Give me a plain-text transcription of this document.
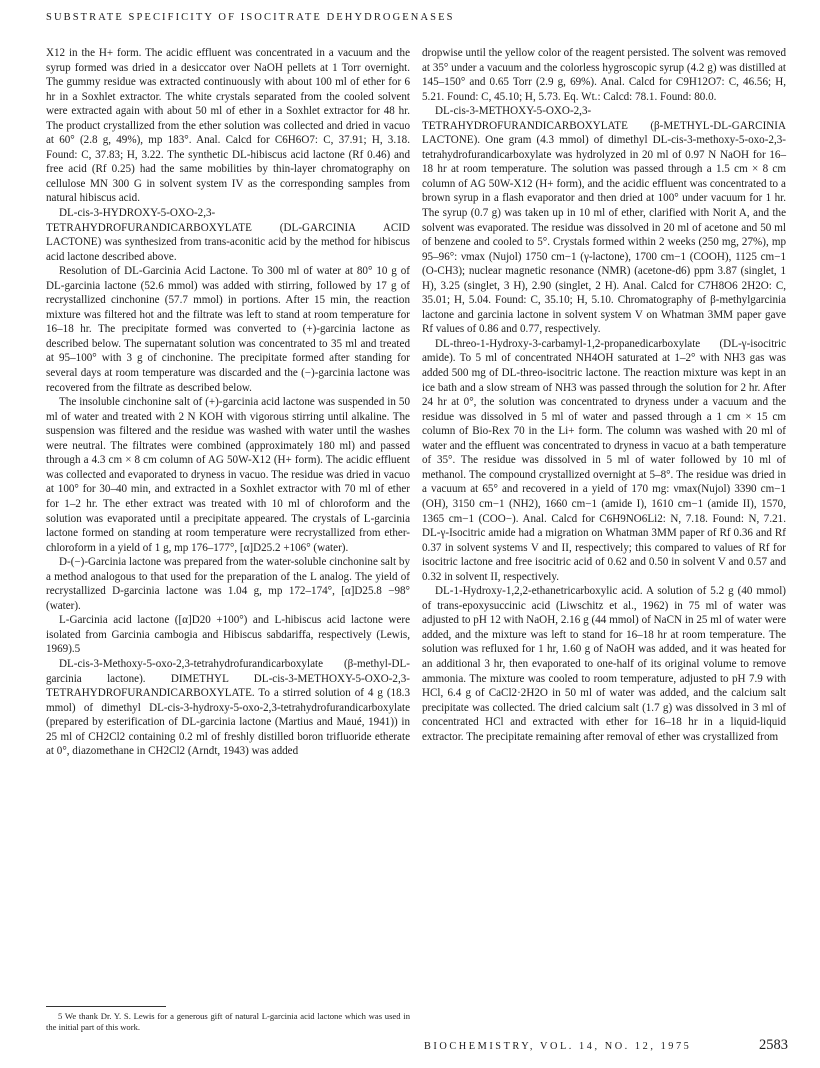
SUBSTRATE SPECIFICITY OF ISOCITRATE DEHYDROGENASES

X12 in the H+ form. The acidic effluent was concentrated in a vacuum and the syrup formed was dried in a desiccator over NaOH pellets at 1 Torr overnight. The gummy residue was extracted continuously with about 100 ml of ether for 6 hr in a Soxhlet extractor. The white crystals separated from the cooled solvent were extracted again with about 50 ml of ether in a Soxhlet extractor for 48 hr. The product crystallized from the ether solution was collected and dried in vacuo at 60° (2.8 g, 49%), mp 183°. Anal. Calcd for C6H6O7: C, 37.91; H, 3.18. Found: C, 37.83; H, 3.22. The synthetic DL-hibiscus acid lactone (Rf 0.46) and free acid (Rf 0.25) had the same mobilities by thin-layer chromatography on cellulose MN 300 G in solvent system IV as the corresponding samples from natural hibiscus acid.

DL-cis-3-HYDROXY-5-OXO-2,3-TETRAHYDROFURANDICARBOXYLATE (DL-GARCINIA ACID LACTONE) was synthesized from trans-aconitic acid by the method for hibiscus acid lactone described above.

Resolution of DL-Garcinia Acid Lactone. To 300 ml of water at 80° 10 g of DL-garcinia lactone (52.6 mmol) was added with stirring, followed by 17 g of recrystallized cinchonine (57.7 mmol) in portions. After 15 min, the reaction mixture was filtered hot and the filtrate was left to stand at room temperature for 16–18 hr. The precipitate formed was converted to (+)-garcinia lactone as described below. The supernatant solution was concentrated to 35 ml and treated at 95–100° with 3 g of cinchonine. The precipitate formed after standing for several days at room temperature was discarded and the (−)-garcinia lactone was recovered from the filtrate as described below.

The insoluble cinchonine salt of (+)-garcinia acid lactone was suspended in 50 ml of water and treated with 2 N KOH with vigorous stirring until alkaline. The suspension was filtered and the residue was washed with water until the washes were neutral. The filtrates were combined (approximately 180 ml) and passed through a 4.3 cm × 8 cm column of AG 50W-X12 (H+ form). The acidic effluent was collected and evaporated to dryness in vacuo. The residue was dried in vacuo at 100° for 30–40 min, and extracted in a Soxhlet extractor with 70 ml of ether for 1–2 hr. The ether extract was treated with 10 ml of chloroform and the solution was evaporated until a precipitate appeared. The crystals of L-garcinia lactone formed on standing at room temperature were recrystallized from ether-chloroform in a yield of 1 g, mp 176–177°, [α]D25.2 +106° (water).

D-(−)-Garcinia lactone was prepared from the water-soluble cinchonine salt by a method analogous to that used for the preparation of the L analog. The yield of recrystallized D-garcinia lactone was 1.04 g, mp 172–174°, [α]D25.8 −98° (water).

L-Garcinia acid lactone ([α]D20 +100°) and L-hibiscus acid lactone were isolated from Garcinia cambogia and Hibiscus sabdariffa, respectively (Lewis, 1969).5

DL-cis-3-Methoxy-5-oxo-2,3-tetrahydrofurandicarboxylate (β-methyl-DL-garcinia lactone). DIMETHYL DL-cis-3-METHOXY-5-OXO-2,3-TETRAHYDROFURANDICARBOXYLATE. To a stirred solution of 4 g (18.3 mmol) of dimethyl DL-cis-3-hydroxy-5-oxo-2,3-tetrahydrofurandicarboxylate (prepared by esterification of DL-garcinia lactone (Martius and Maué, 1941)) in 25 ml of CH2Cl2 containing 0.2 ml of freshly distilled boron trifluoride etherate at 0°, diazomethane in CH2Cl2 (Arndt, 1943) was added

dropwise until the yellow color of the reagent persisted. The solvent was removed at 35° under a vacuum and the colorless hygroscopic syrup (4.2 g) was distilled at 145–150° and 0.65 Torr (2.9 g, 69%). Anal. Calcd for C9H12O7: C, 46.56; H, 5.21. Found: C, 45.10; H, 5.73. Eq. Wt.: Calcd: 78.1. Found: 80.0.

DL-cis-3-METHOXY-5-OXO-2,3-TETRAHYDROFURANDICARBOXYLATE (β-METHYL-DL-GARCINIA LACTONE). One gram (4.3 mmol) of dimethyl DL-cis-3-methoxy-5-oxo-2,3-tetrahydrofurandicarboxylate was hydrolyzed in 20 ml of 0.97 N NaOH for 16–18 hr at room temperature. The solution was passed through a 1.5 cm × 8 cm column of AG 50W-X12 (H+ form), and the acidic effluent was concentrated to a brown syrup in a flash evaporator and then dried at 100° under vacuum for 1 hr. The syrup (0.7 g) was taken up in 10 ml of ether, clarified with Norit A, and the solvent was evaporated. The residue was dissolved in 20 ml of acetone and 50 ml of benzene and cooled to 5°. Crystals formed within 2 weeks (250 mg, 27%), mp 95–96°: νmax (Nujol) 1750 cm−1 (γ-lactone), 1700 cm−1 (COOH), 1125 cm−1 (O-CH3); nuclear magnetic resonance (NMR) (acetone-d6) ppm 3.87 (singlet, 1 H), 3.25 (singlet, 3 H), 2.90 (singlet, 2 H). Anal. Calcd for C7H8O6 2H2O: C, 35.01; H, 5.04. Found: C, 35.10; H, 5.10. Chromatography of β-methylgarcinia lactone and garcinia lactone in solvent system V on Whatman 3MM paper gave Rf values of 0.86 and 0.77, respectively.

DL-threo-1-Hydroxy-3-carbamyl-1,2-propanedicarboxylate (DL-γ-isocitric amide). To 5 ml of concentrated NH4OH saturated at 1–2° with NH3 gas was added 500 mg of DL-threo-isocitric lactone. The reaction mixture was kept in an ice bath and a slow stream of NH3 was passed through the solution for 2 hr. After 24 hr at 0°, the solution was concentrated to dryness under a vacuum and the residue was dissolved in 5 ml of water and passed through a 1 cm × 15 cm column of Bio-Rex 70 in the Li+ form. The column was washed with 20 ml of water and the effluent was concentrated to dryness in vacuo at a bath temperature of 35°. The residue was dissolved in 5 ml of water followed by 10 ml of methanol. The compound crystallized overnight at 5–8°. The residue was dried in a vacuum at 65° and recovered in a yield of 170 mg: νmax(Nujol) 3390 cm−1 (OH), 3150 cm−1 (NH2), 1660 cm−1 (amide I), 1610 cm−1 (amide II), 1570, 1365 cm−1 (COO−). Anal. Calcd for C6H9NO6Li2: N, 7.18. Found: N, 7.21. DL-γ-Isocitric amide had a migration on Whatman 3MM paper of Rf 0.36 and Rf 0.37 in solvent systems V and II, respectively; this compared to values of Rf for isocitric lactone and free isocitric acid of 0.62 and 0.50 in solvent V and 0.57 and 0.32 in solvent II, respectively.

DL-1-Hydroxy-1,2,2-ethanetricarboxylic acid. A solution of 5.2 g (40 mmol) of trans-epoxysuccinic acid (Liwschitz et al., 1962) in 75 ml of water was adjusted to pH 12 with NaOH, 2.16 g (44 mmol) of NaCN in 25 ml of water were added, and the mixture was left to stand for 16–18 hr at room temperature. The solution was refluxed for 1 hr, 1.60 g of NaOH was added, and it was heated for an additional 3 hr, then evaporated to one-half of its original volume to remove ammonia. The mixture was cooled to room temperature, adjusted to pH 7.9 with HCl, 6.4 g of CaCl2·2H2O in 50 ml of water was added, and the calcium salt precipitate was collected. The dried calcium salt (1.7 g) was dissolved in 3 ml of concentrated HCl and extracted with ether for 16–18 hr in a liquid-liquid extractor. The precipitate remaining after removal of ether was crystallized from

5 We thank Dr. Y. S. Lewis for a generous gift of natural L-garcinia acid lactone which was used in the initial part of this work.
BIOCHEMISTRY, VOL. 14, NO. 12, 1975	2583
